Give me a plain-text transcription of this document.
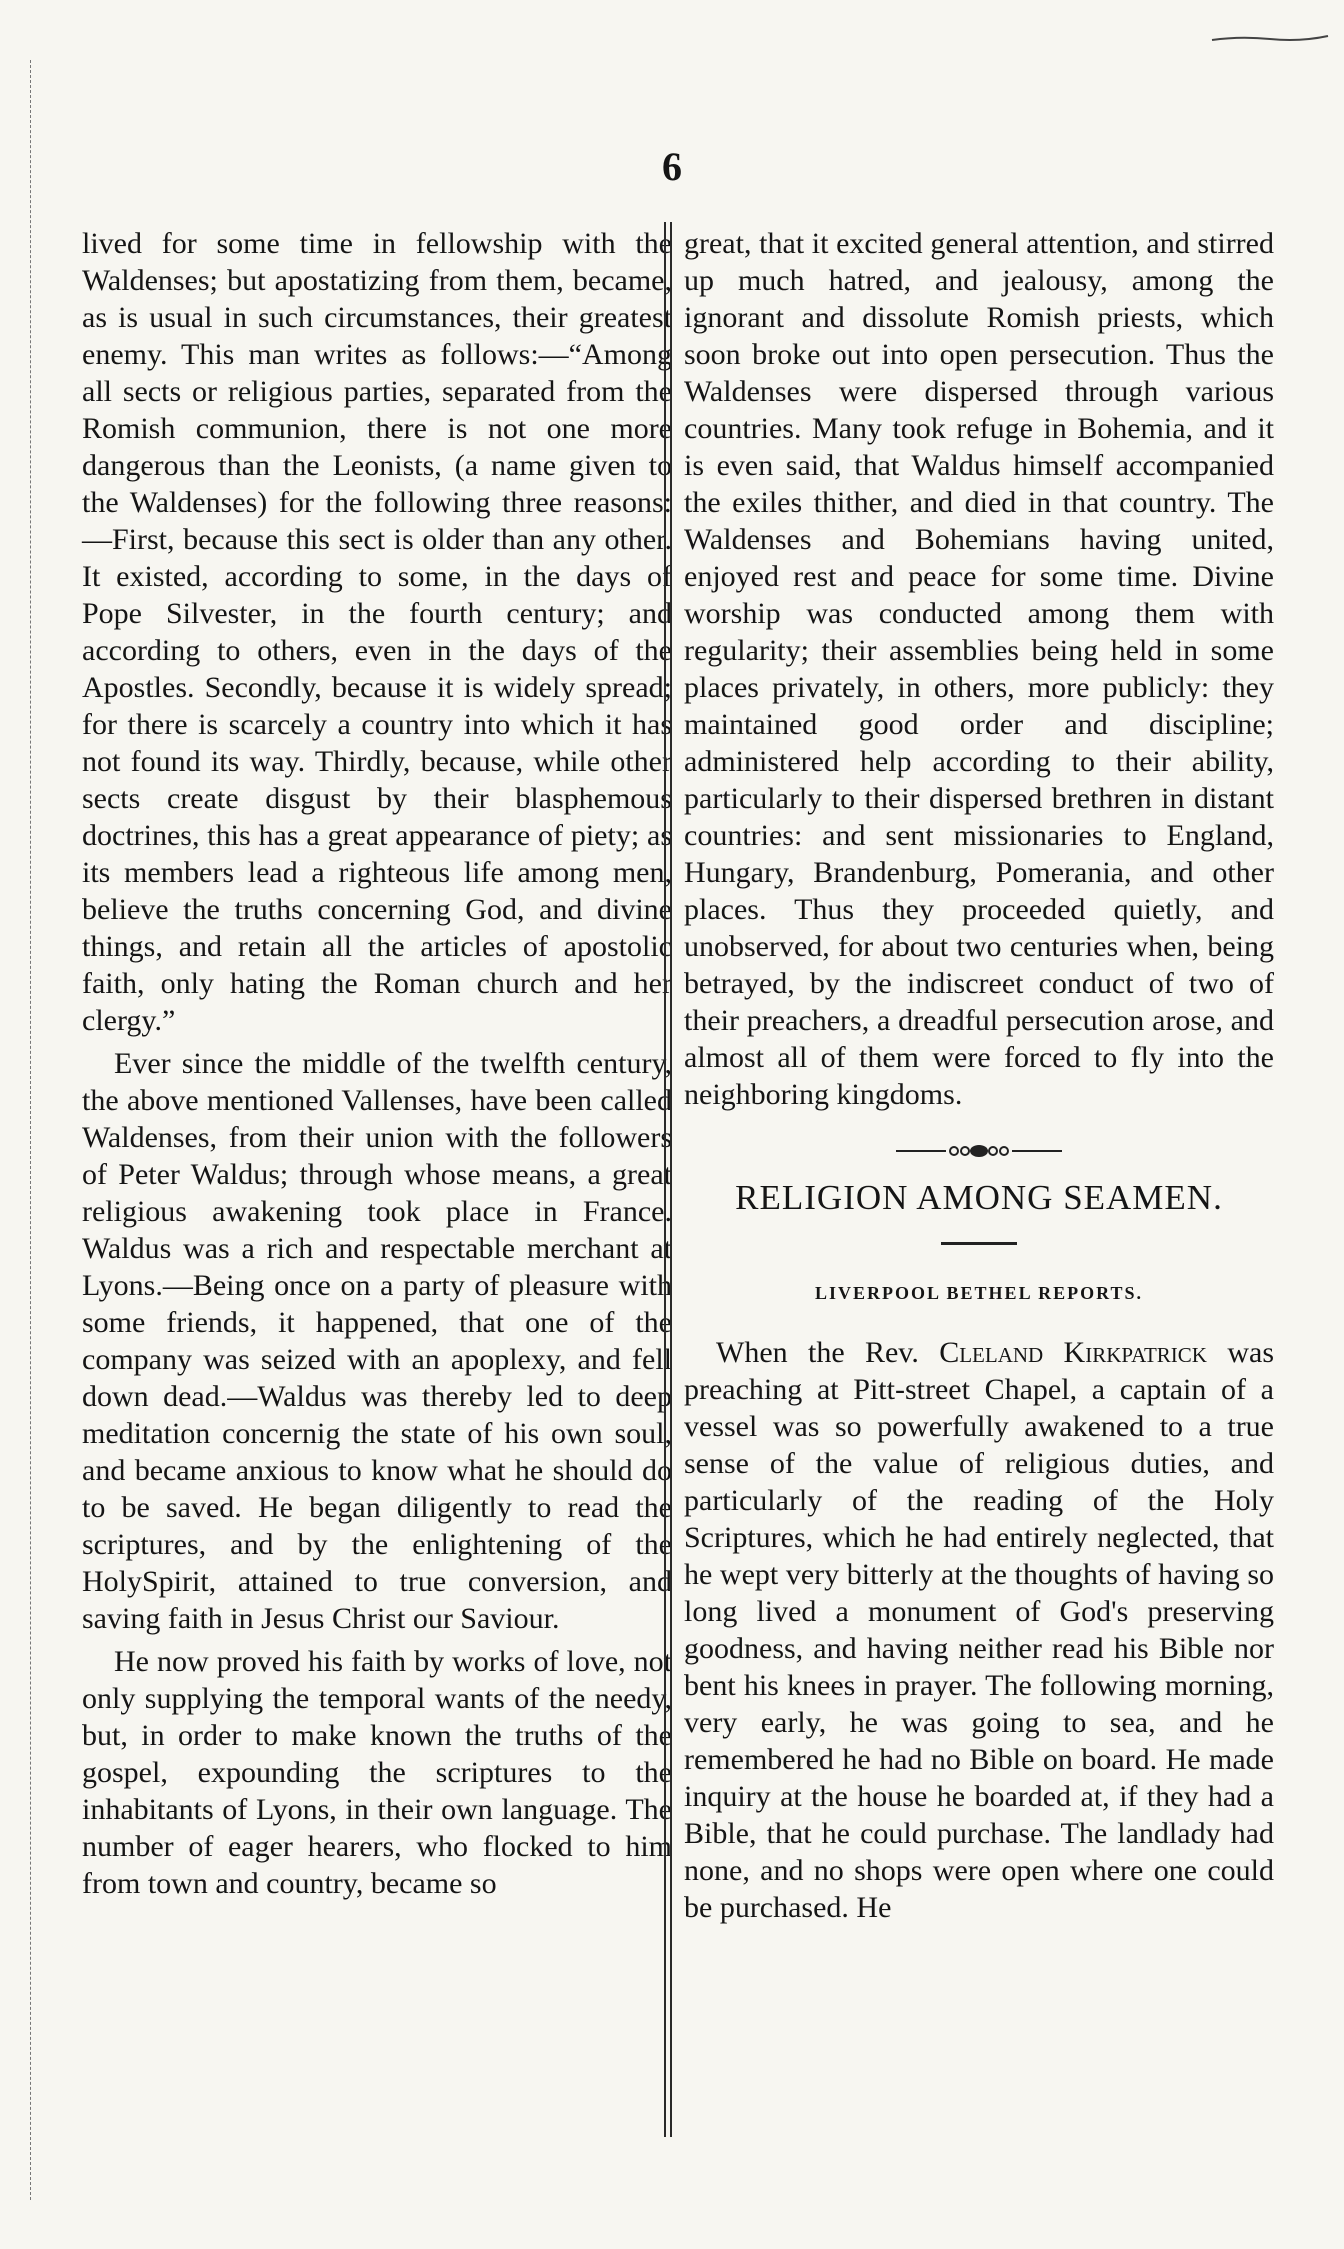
6

lived for some time in fellowship with the Waldenses; but apostatizing from them, became, as is usual in such circumstances, their greatest enemy. This man writes as follows:—“Among all sects or religious parties, separated from the Romish communion, there is not one more dangerous than the Leonists, (a name given to the Waldenses) for the following three reasons:—First, because this sect is older than any other. It existed, according to some, in the days of Pope Silvester, in the fourth century; and according to others, even in the days of the Apostles. Secondly, because it is widely spread; for there is scarcely a country into which it has not found its way. Thirdly, because, while other sects create disgust by their blasphemous doctrines, this has a great appearance of piety; as its members lead a righteous life among men, believe the truths concerning God, and divine things, and retain all the articles of apostolic faith, only hating the Roman church and her clergy.”

Ever since the middle of the twelfth century, the above mentioned Vallenses, have been called Waldenses, from their union with the followers of Peter Waldus; through whose means, a great religious awakening took place in France. Waldus was a rich and respectable merchant at Lyons.—Being once on a party of pleasure with some friends, it happened, that one of the company was seized with an apoplexy, and fell down dead.—Waldus was thereby led to deep meditation concernig the state of his own soul, and became anxious to know what he should do to be saved. He began diligently to read the scriptures, and by the enlightening of the HolySpirit, attained to true conversion, and saving faith in Jesus Christ our Saviour.

He now proved his faith by works of love, not only supplying the temporal wants of the needy, but, in order to make known the truths of the gospel, expounding the scriptures to the inhabitants of Lyons, in their own language. The number of eager hearers, who flocked to him from town and country, became so

great, that it excited general attention, and stirred up much hatred, and jealousy, among the ignorant and dissolute Romish priests, which soon broke out into open persecution. Thus the Waldenses were dispersed through various countries. Many took refuge in Bohemia, and it is even said, that Waldus himself accompanied the exiles thither, and died in that country. The Waldenses and Bohemians having united, enjoyed rest and peace for some time. Divine worship was conducted among them with regularity; their assemblies being held in some places privately, in others, more publicly: they maintained good order and discipline; administered help according to their ability, particularly to their dispersed brethren in distant countries: and sent missionaries to England, Hungary, Brandenburg, Pomerania, and other places. Thus they proceeded quietly, and unobserved, for about two centuries when, being betrayed, by the indiscreet conduct of two of their preachers, a dreadful persecution arose, and almost all of them were forced to fly into the neighboring kingdoms.

RELIGION AMONG SEAMEN.
LIVERPOOL BETHEL REPORTS.

When the Rev. Cleland Kirkpatrick was preaching at Pitt-street Chapel, a captain of a vessel was so powerfully awakened to a true sense of the value of religious duties, and particularly of the reading of the Holy Scriptures, which he had entirely neglected, that he wept very bitterly at the thoughts of having so long lived a monument of God's preserving goodness, and having neither read his Bible nor bent his knees in prayer. The following morning, very early, he was going to sea, and he remembered he had no Bible on board. He made inquiry at the house he boarded at, if they had a Bible, that he could purchase. The landlady had none, and no shops were open where one could be purchased. He
